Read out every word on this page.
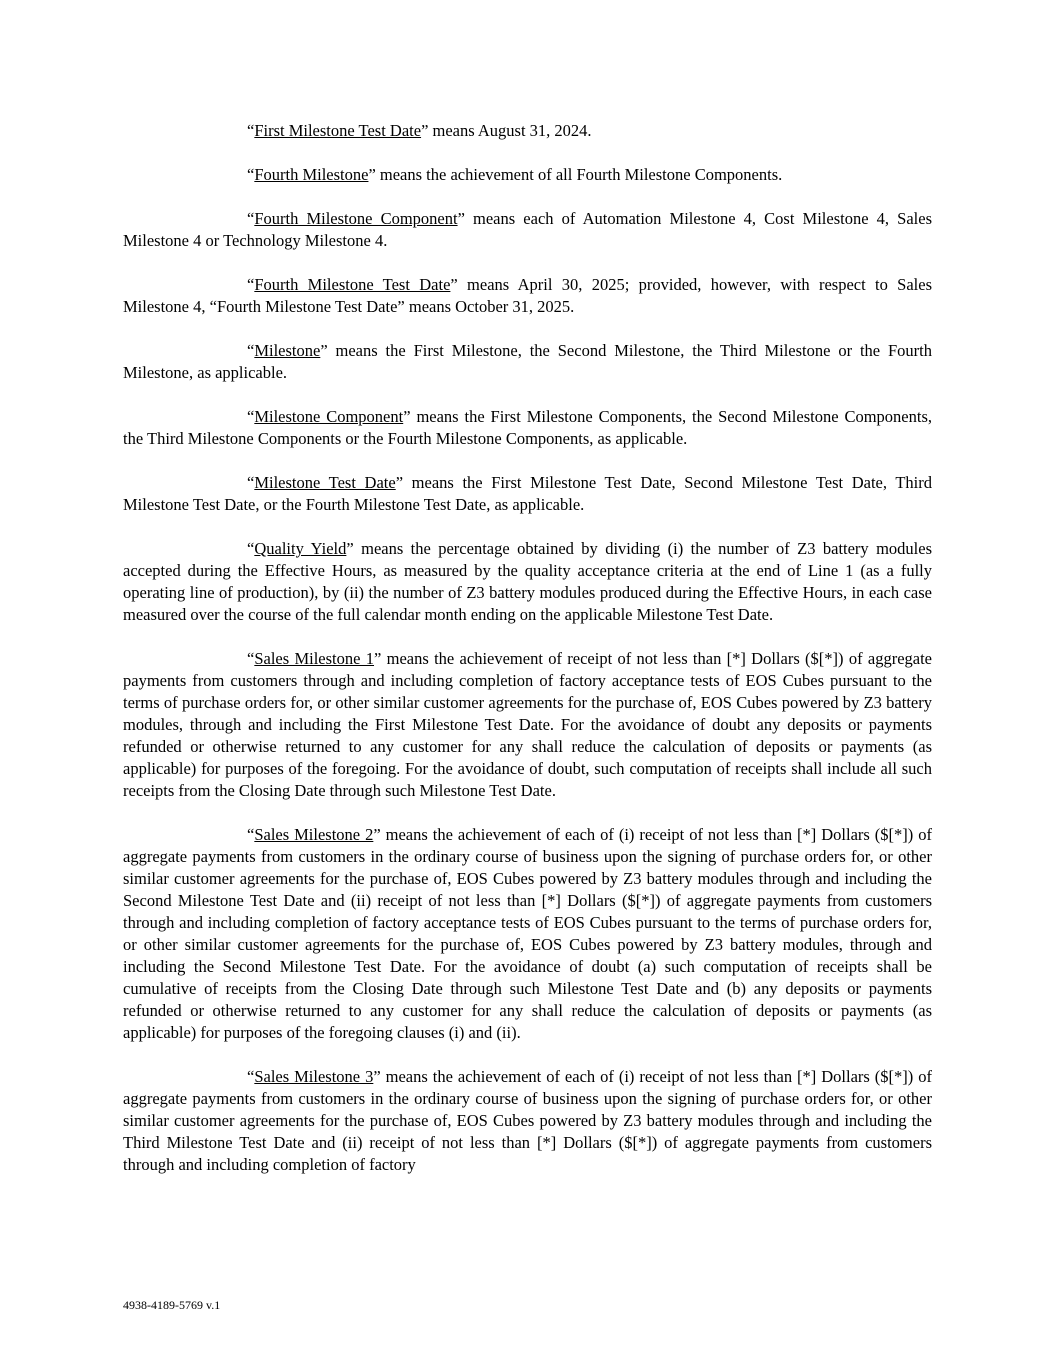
“First Milestone Test Date” means August 31, 2024.

“Fourth Milestone” means the achievement of all Fourth Milestone Components.

“Fourth Milestone Component” means each of Automation Milestone 4, Cost Milestone 4, Sales Milestone 4 or Technology Milestone 4.

“Fourth Milestone Test Date” means April 30, 2025; provided, however, with respect to Sales Milestone 4, “Fourth Milestone Test Date” means October 31, 2025.

“Milestone” means the First Milestone, the Second Milestone, the Third Milestone or the Fourth Milestone, as applicable.

“Milestone Component” means the First Milestone Components, the Second Milestone Components, the Third Milestone Components or the Fourth Milestone Components, as applicable.

“Milestone Test Date” means the First Milestone Test Date, Second Milestone Test Date, Third Milestone Test Date, or the Fourth Milestone Test Date, as applicable.

“Quality Yield” means the percentage obtained by dividing (i) the number of Z3 battery modules accepted during the Effective Hours, as measured by the quality acceptance criteria at the end of Line 1 (as a fully operating line of production), by (ii) the number of Z3 battery modules produced during the Effective Hours, in each case measured over the course of the full calendar month ending on the applicable Milestone Test Date.

“Sales Milestone 1” means the achievement of receipt of not less than [*] Dollars ($[*]) of aggregate payments from customers through and including completion of factory acceptance tests of EOS Cubes pursuant to the terms of purchase orders for, or other similar customer agreements for the purchase of, EOS Cubes powered by Z3 battery modules, through and including the First Milestone Test Date. For the avoidance of doubt any deposits or payments refunded or otherwise returned to any customer for any shall reduce the calculation of deposits or payments (as applicable) for purposes of the foregoing. For the avoidance of doubt, such computation of receipts shall include all such receipts from the Closing Date through such Milestone Test Date.

“Sales Milestone 2” means the achievement of each of (i) receipt of not less than [*] Dollars ($[*]) of aggregate payments from customers in the ordinary course of business upon the signing of purchase orders for, or other similar customer agreements for the purchase of, EOS Cubes powered by Z3 battery modules through and including the Second Milestone Test Date and (ii) receipt of not less than [*] Dollars ($[*]) of aggregate payments from customers through and including completion of factory acceptance tests of EOS Cubes pursuant to the terms of purchase orders for, or other similar customer agreements for the purchase of, EOS Cubes powered by Z3 battery modules, through and including the Second Milestone Test Date. For the avoidance of doubt (a) such computation of receipts shall be cumulative of receipts from the Closing Date through such Milestone Test Date and (b) any deposits or payments refunded or otherwise returned to any customer for any shall reduce the calculation of deposits or payments (as applicable) for purposes of the foregoing clauses (i) and (ii).

“Sales Milestone 3” means the achievement of each of (i) receipt of not less than [*] Dollars ($[*]) of aggregate payments from customers in the ordinary course of business upon the signing of purchase orders for, or other similar customer agreements for the purchase of, EOS Cubes powered by Z3 battery modules through and including the Third Milestone Test Date and (ii) receipt of not less than [*] Dollars ($[*]) of aggregate payments from customers through and including completion of factory

4938-4189-5769 v.1
